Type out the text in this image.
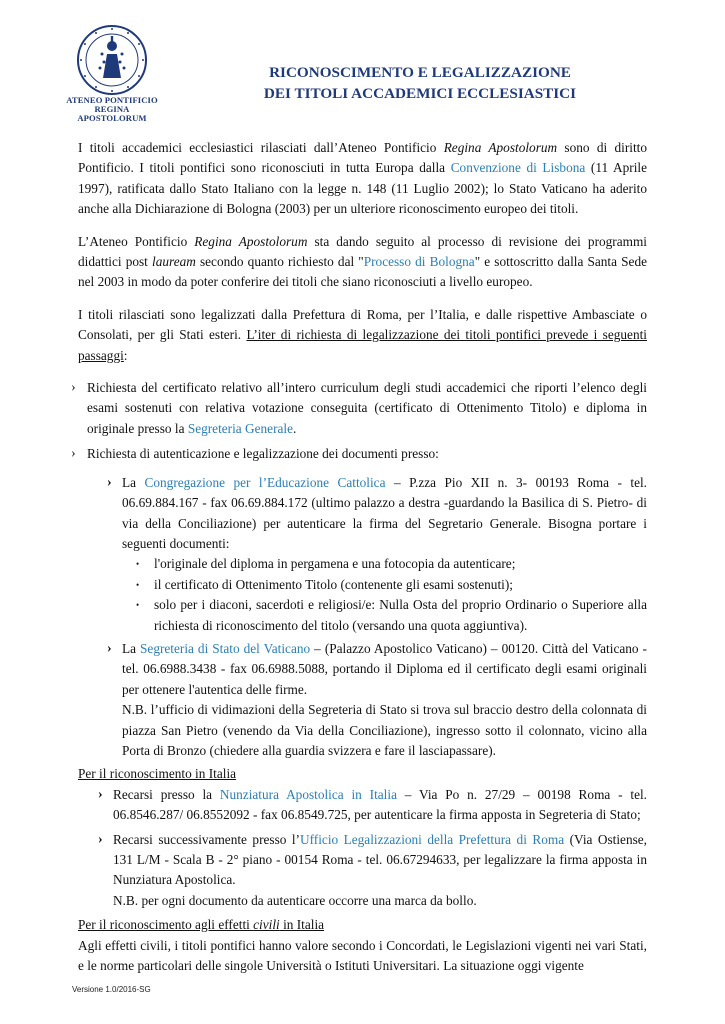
ATENEO PONTIFICIO
REGINA APOSTOLORUM
RICONOSCIMENTO E LEGALIZZAZIONE
DEI TITOLI ACCADEMICI ECCLESIASTICI

I titoli accademici ecclesiastici rilasciati dall’Ateneo Pontificio Regina Apostolorum sono di diritto Pontificio. I titoli pontifici sono riconosciuti in tutta Europa dalla Convenzione di Lisbona (11 Aprile 1997), ratificata dallo Stato Italiano con la legge n. 148 (11 Luglio 2002); lo Stato Vaticano ha aderito anche alla Dichiarazione di Bologna (2003) per un ulteriore riconoscimento europeo dei titoli.

L’Ateneo Pontificio Regina Apostolorum sta dando seguito al processo di revisione dei programmi didattici post lauream secondo quanto richiesto dal "Processo di Bologna" e sottoscritto dalla Santa Sede nel 2003 in modo da poter conferire dei titoli che siano riconosciuti a livello europeo.

I titoli rilasciati sono legalizzati dalla Prefettura di Roma, per l’Italia, e dalle rispettive Ambasciate o Consolati, per gli Stati esteri. L’iter di richiesta di legalizzazione dei titoli pontifici prevede i seguenti passaggi:

› Richiesta del certificato relativo all’intero curriculum degli studi accademici che riporti l’elenco degli esami sostenuti con relativa votazione conseguita (certificato di Ottenimento Titolo) e diploma in originale presso la Segreteria Generale.
› Richiesta di autenticazione e legalizzazione dei documenti presso:
› La Congregazione per l’Educazione Cattolica – P.zza Pio XII n. 3- 00193 Roma - tel. 06.69.884.167 - fax 06.69.884.172 (ultimo palazzo a destra -guardando la Basilica di S. Pietro- di via della Conciliazione) per autenticare la firma del Segretario Generale. Bisogna portare i seguenti documenti:
• l'originale del diploma in pergamena e una fotocopia da autenticare;
• il certificato di Ottenimento Titolo (contenente gli esami sostenuti);
• solo per i diaconi, sacerdoti e religiosi/e: Nulla Osta del proprio Ordinario o Superiore alla richiesta di riconoscimento del titolo (versando una quota aggiuntiva).
› La Segreteria di Stato del Vaticano – (Palazzo Apostolico Vaticano) – 00120. Città del Vaticano - tel. 06.6988.3438 - fax 06.6988.5088, portando il Diploma ed il certificato degli esami originali per ottenere l'autentica delle firme.
N.B. l’ufficio di vidimazioni della Segreteria di Stato si trova sul braccio destro della colonnata di piazza San Pietro (venendo da Via della Conciliazione), ingresso sotto il colonnato, vicino alla Porta di Bronzo (chiedere alla guardia svizzera e fare il lasciapassare).

Per il riconoscimento in Italia

› Recarsi presso la Nunziatura Apostolica in Italia – Via Po n. 27/29 – 00198 Roma - tel. 06.8546.287/ 06.8552092 - fax 06.8549.725, per autenticare la firma apposta in Segreteria di Stato;
› Recarsi successivamente presso l’Ufficio Legalizzazioni della Prefettura di Roma (Via Ostiense, 131 L/M - Scala B - 2° piano - 00154 Roma - tel. 06.67294633, per legalizzare la firma apposta in Nunziatura Apostolica.
N.B. per ogni documento da autenticare occorre una marca da bollo.

Per il riconoscimento agli effetti civili in Italia

Agli effetti civili, i titoli pontifici hanno valore secondo i Concordati, le Legislazioni vigenti nei vari Stati, e le norme particolari delle singole Università o Istituti Universitari. La situazione oggi vigente

Versione 1.0/2016-SG
